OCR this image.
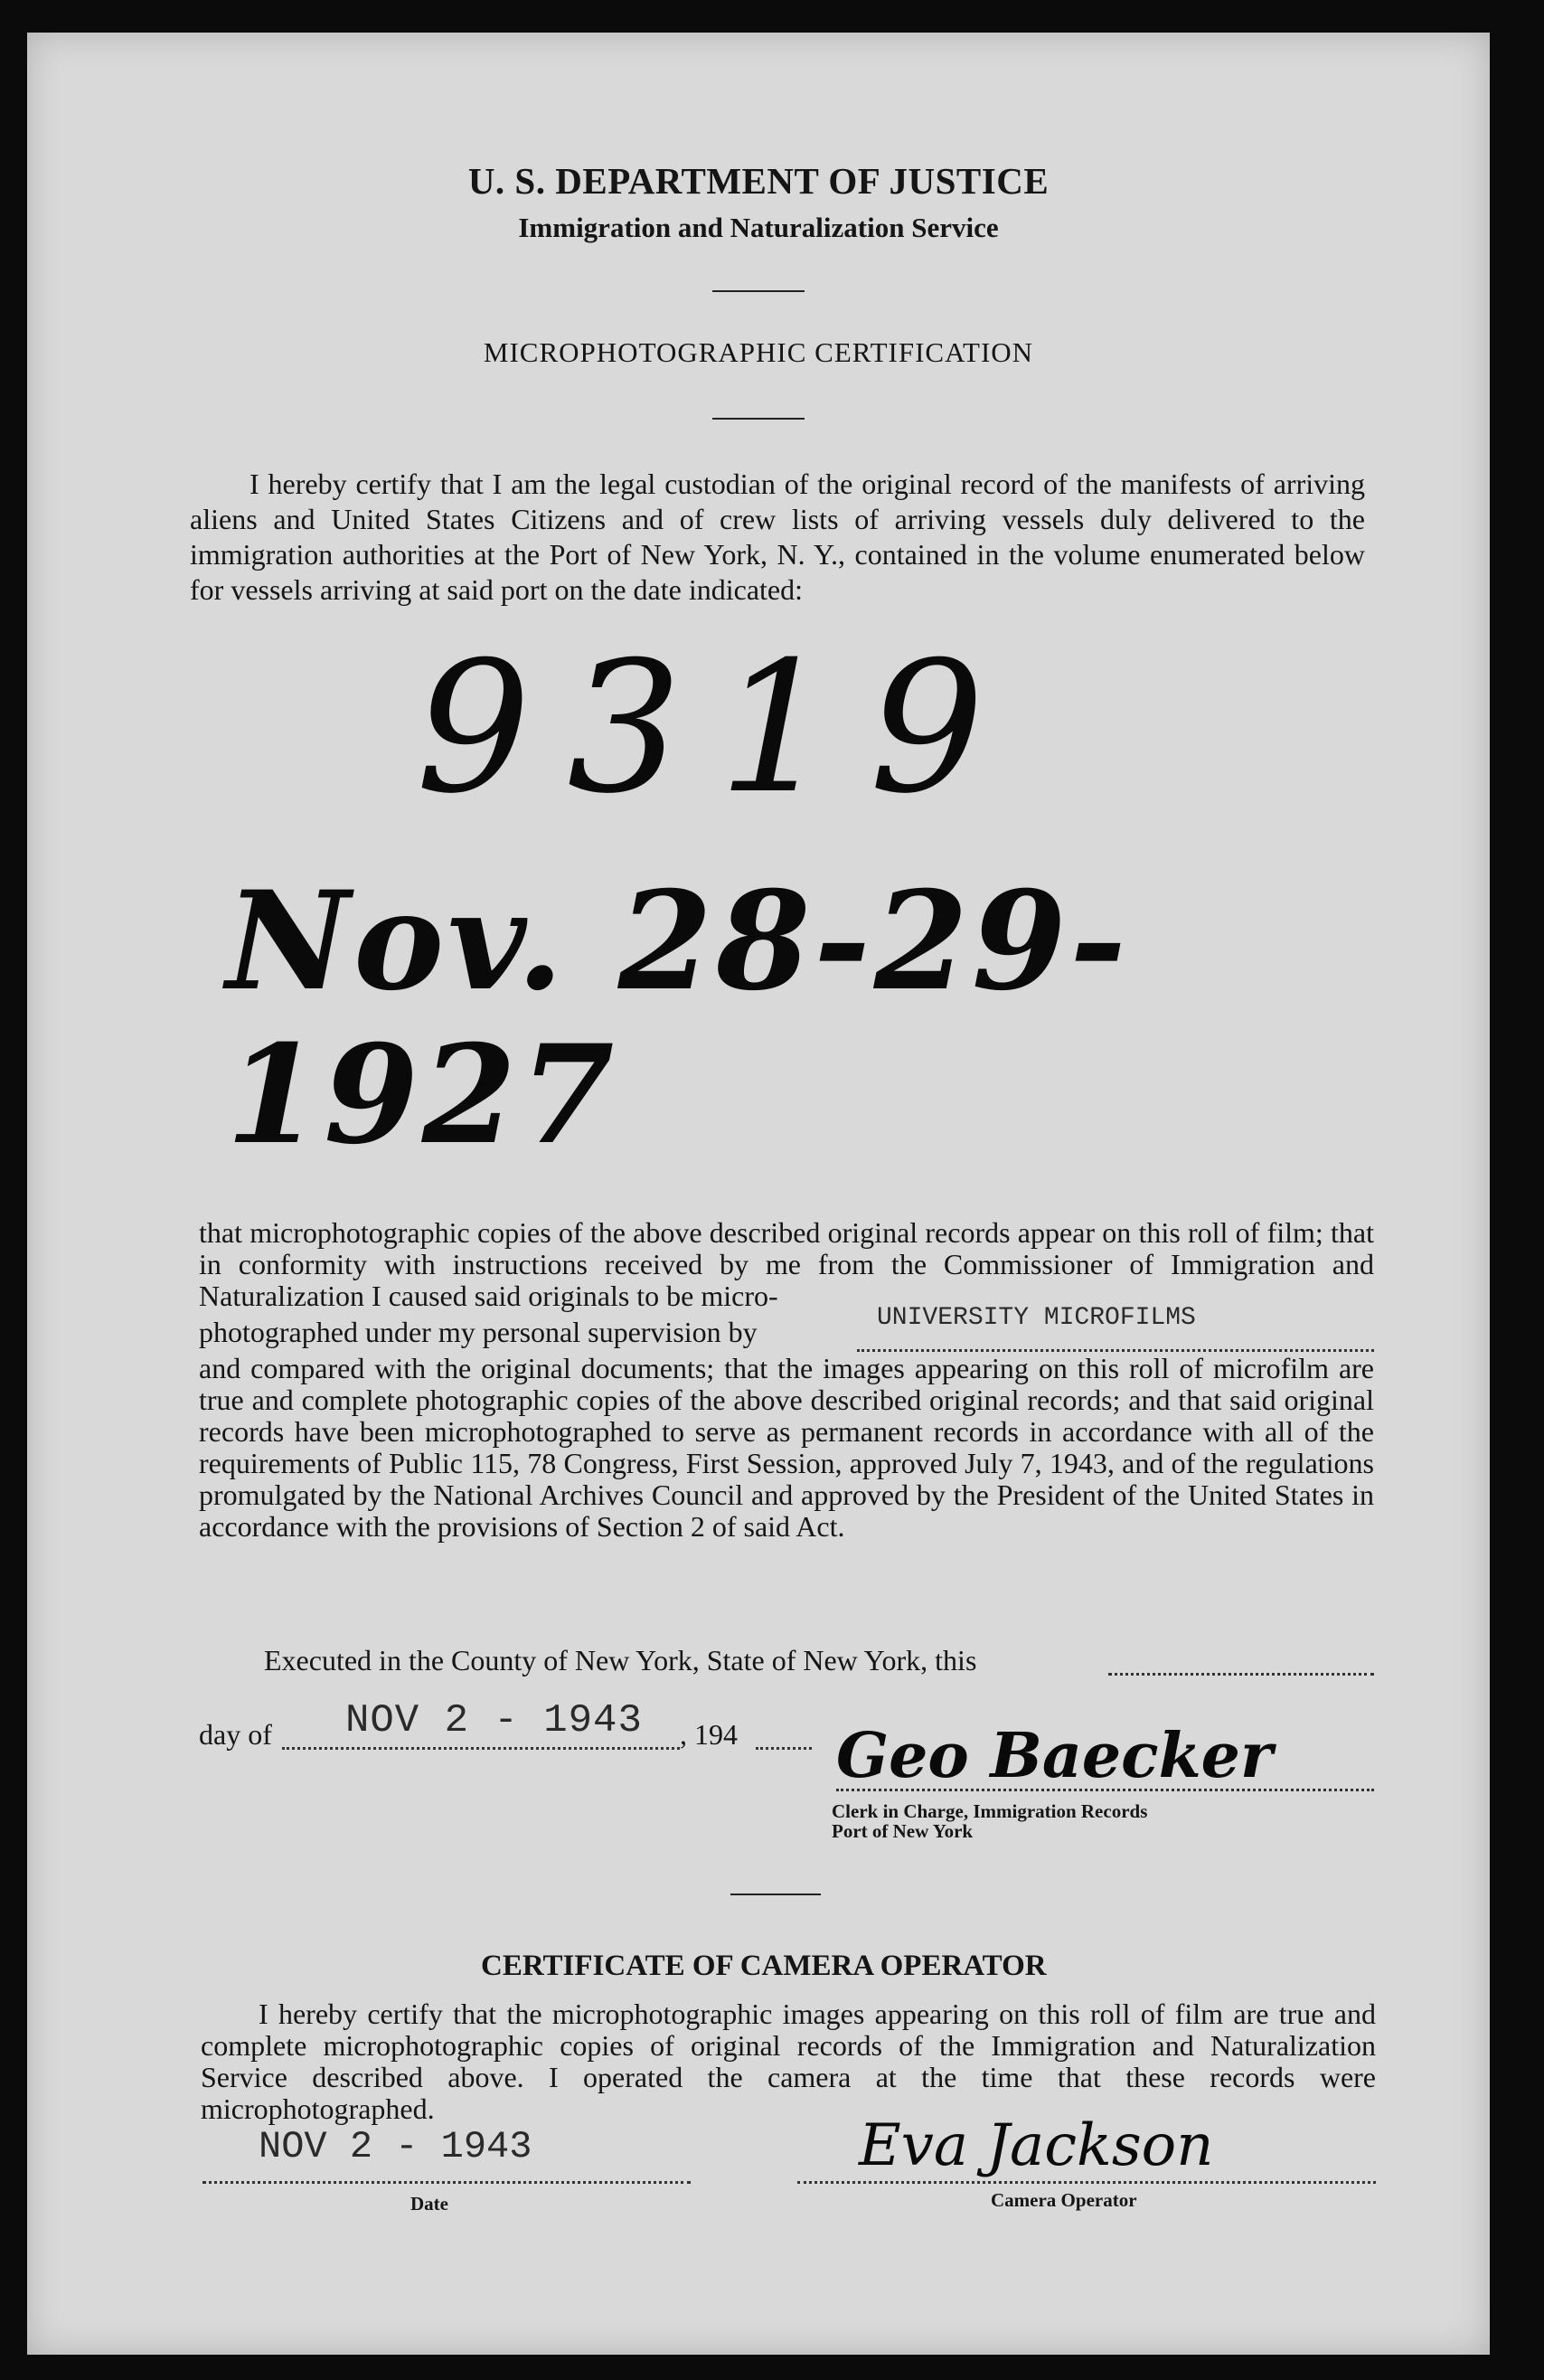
U. S. DEPARTMENT OF JUSTICE
Immigration and Naturalization Service
MICROPHOTOGRAPHIC CERTIFICATION
I hereby certify that I am the legal custodian of the original record of the manifests of arriving aliens and United States Citizens and of crew lists of arriving vessels duly delivered to the immigration authorities at the Port of New York, N. Y., contained in the volume enumerated below for vessels arriving at said port on the date indicated:
9319
Nov. 28-29-1927
that microphotographic copies of the above described original records appear on this roll of film; that in conformity with instructions received by me from the Commissioner of Immigration and Naturalization I caused said originals to be micro-
photographed under my personal supervision by	UNIVERSITY MICROFILMS
and compared with the original documents; that the images appearing on this roll of microfilm are true and complete photographic copies of the above described original records; and that said original records have been microphotographed to serve as permanent records in accordance with all of the requirements of Public 115, 78 Congress, First Session, approved July 7, 1943, and of the regulations promulgated by the National Archives Council and approved by the President of the United States in accordance with the provisions of Section 2 of said Act.
Executed in the County of New York, State of New York, this
day of NOV 2 - 1943 , 194 Geo Baecker
Clerk in Charge, Immigration Records
Port of New York
CERTIFICATE OF CAMERA OPERATOR
I hereby certify that the microphotographic images appearing on this roll of film are true and complete microphotographic copies of original records of the Immigration and Naturalization Service described above. I operated the camera at the time that these records were microphotographed.
NOV 2 - 1943
Date
Eva Jackson
Camera Operator
